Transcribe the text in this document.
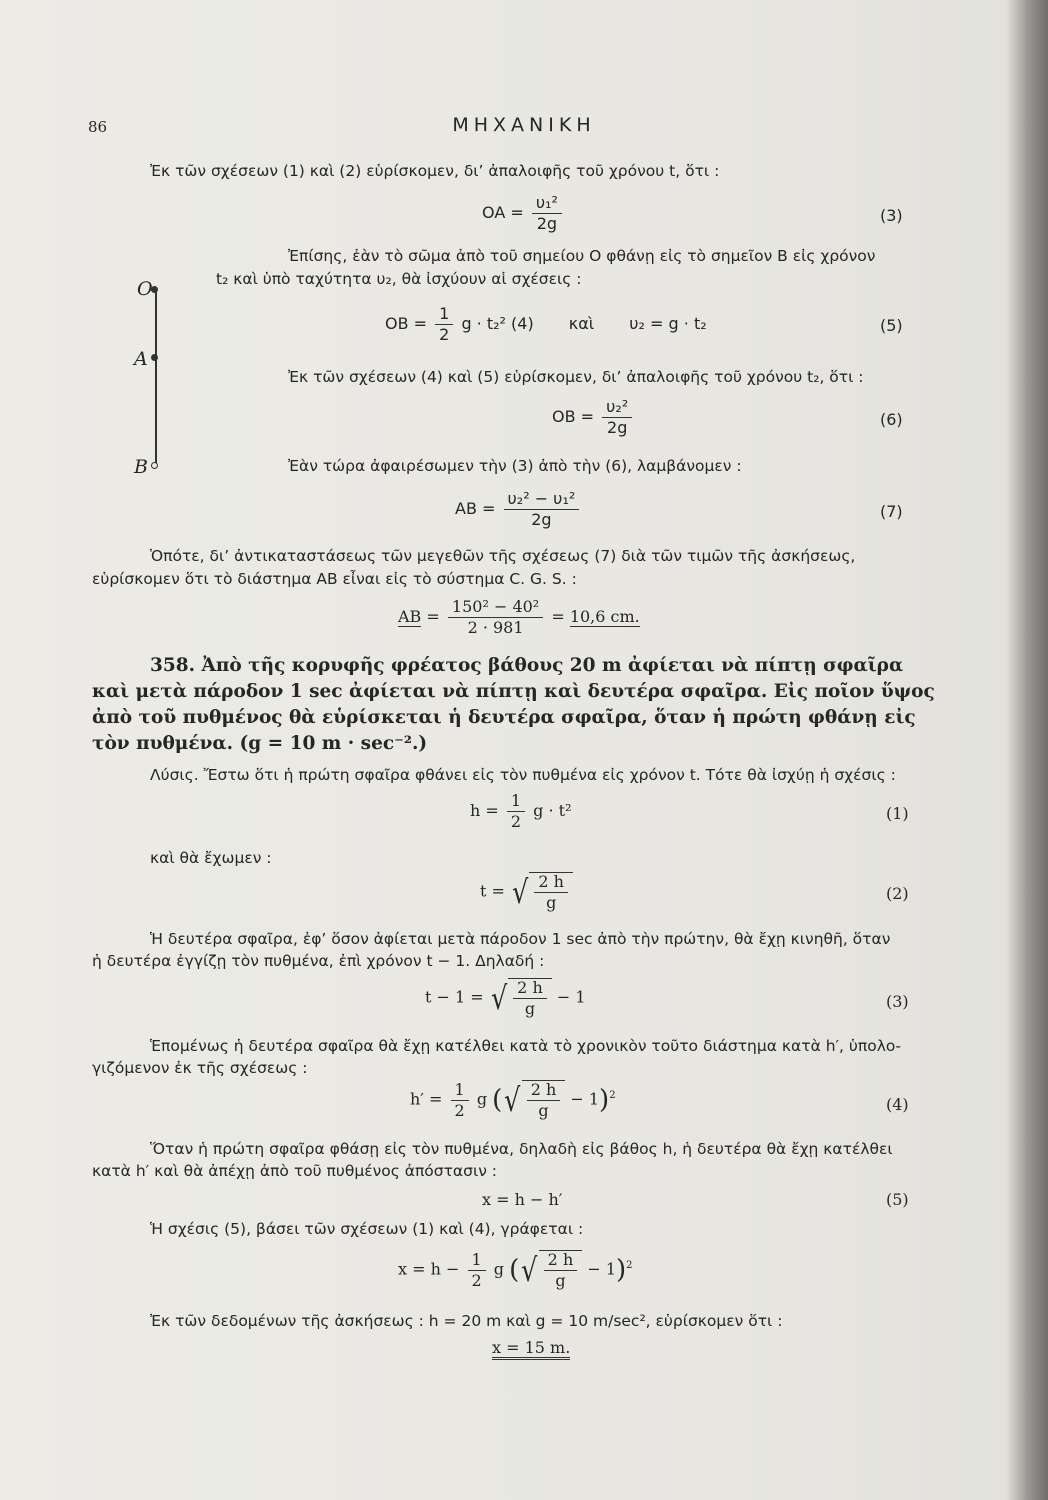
86	ΜΗΧΑΝΙΚΗ
O
A
B
Ἐκ τῶν σχέσεων (1) καὶ (2) εὑρίσκομεν, δι’ ἀπαλοιφῆς τοῦ χρόνου t, ὅτι :
OA = $\frac{\text{υ₁²}}{2g}$	(3)
Ἐπίσης, ἐὰν τὸ σῶμα ἀπὸ τοῦ σημείου Ο φθάνῃ εἰς τὸ σημεῖον Β εἰς χρόνον
t₂ καὶ ὑπὸ ταχύτητα υ₂, θὰ ἰσχύουν αἱ σχέσεις :
OB = $\frac{1}{2}$ g · t₂² (4) καὶ υ₂ = g · t₂	(5)
Ἐκ τῶν σχέσεων (4) καὶ (5) εὑρίσκομεν, δι’ ἀπαλοιφῆς τοῦ χρόνου t₂, ὅτι :
OB = $\frac{\text{υ₂²}}{2g}$	(6)
Ἐὰν τώρα ἀφαιρέσωμεν τὴν (3) ἀπὸ τὴν (6), λαμβάνομεν :
AB = $\frac{\text{υ₂² − υ₁²}}{2g}$	(7)
Ὁπότε, δι’ ἀντικαταστάσεως τῶν μεγεθῶν τῆς σχέσεως (7) διὰ τῶν τιμῶν τῆς ἀσκήσεως,
εὑρίσκομεν ὅτι τὸ διάστημα ΑΒ εἶναι εἰς τὸ σύστημα C. G. S. :
AB = $\frac{\text{150² − 40²}}{2 \cdot 981} = 10,6$ cm.
358. Ἀπὸ τῆς κορυφῆς φρέατος βάθους 20 m ἀφίεται νὰ πίπτῃ σφαῖρα
καὶ μετὰ πάροδον 1 sec ἀφίεται νὰ πίπτῃ καὶ δευτέρα σφαῖρα. Εἰς ποῖον ὕψος
ἀπὸ τοῦ πυθμένος θὰ εὑρίσκεται ἡ δευτέρα σφαῖρα, ὅταν ἡ πρώτη φθάνῃ εἰς
τὸν πυθμένα. (g = 10 m · sec⁻².)
Λύσις. Ἔστω ὅτι ἡ πρώτη σφαῖρα φθάνει εἰς τὸν πυθμένα εἰς χρόνον t. Τότε θὰ ἰσχύῃ ἡ σχέσις :
$h = \frac{1}{2}$ g · t²	(1)
καὶ θὰ ἔχωμεν :
t = √ $\frac{2 h}{g}$	(2)
Ἡ δευτέρα σφαῖρα, ἐφ’ ὅσον ἀφίεται μετὰ πάροδον 1 sec ἀπὸ τὴν πρώτην, θὰ ἔχῃ κινηθῆ, ὅταν
ἡ δευτέρα ἐγγίζῃ τὸν πυθμένα, ἐπὶ χρόνον t − 1. Δηλαδή :
t − 1 = √ $\frac{2 h}{g} - 1$	(3)
Ἑπομένως ἡ δευτέρα σφαῖρα θὰ ἔχῃ κατέλθει κατὰ τὸ χρονικὸν τοῦτο διάστημα κατὰ h′, ὑπολο-
γιζόμενον ἐκ τῆς σχέσεως :
$h' = \frac{1}{2}$ g ( √ $\frac{2 h}{g} - 1)^2$	(4)
Ὅταν ἡ πρώτη σφαῖρα φθάσῃ εἰς τὸν πυθμένα, δηλαδὴ εἰς βάθος h, ἡ δευτέρα θὰ ἔχῃ κατέλθει
κατὰ h′ καὶ θὰ ἀπέχῃ ἀπὸ τοῦ πυθμένος ἀπόστασιν :
x = h − h′	(5)
Ἡ σχέσις (5), βάσει τῶν σχέσεων (1) καὶ (4), γράφεται :
$x = h - \frac{1}{2}$ g ( √ $\frac{2 h}{g} - 1)^2$
Ἐκ τῶν δεδομένων τῆς ἀσκήσεως : h = 20 m καὶ g = 10 m/sec², εὑρίσκομεν ὅτι :
x = 15 m.
